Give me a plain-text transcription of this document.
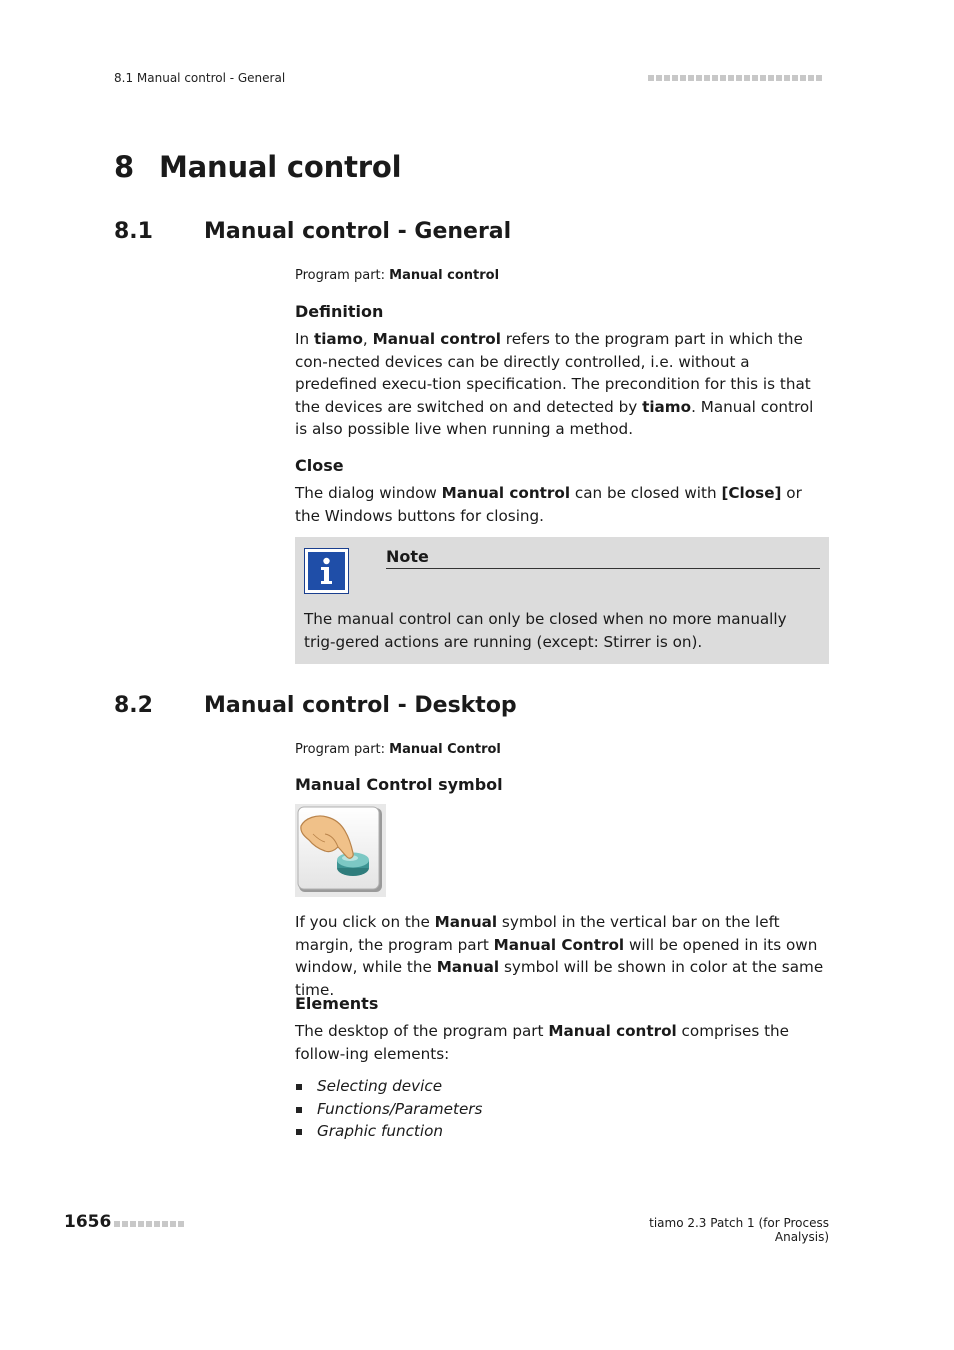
8.1 Manual control - General
8 Manual control
8.1 Manual control - General
Program part: Manual control
Definition
In tiamo, Manual control refers to the program part in which the con-nected devices can be directly controlled, i.e. without a predefined execu-tion specification. The precondition for this is that the devices are switched on and detected by tiamo. Manual control is also possible live when running a method.
Close
The dialog window Manual control can be closed with [Close] or the Windows buttons for closing.
Note
The manual control can only be closed when no more manually trig-gered actions are running (except: Stirrer is on).
8.2 Manual control - Desktop
Program part: Manual Control
Manual Control symbol
If you click on the Manual symbol in the vertical bar on the left margin, the program part Manual Control will be opened in its own window, while the Manual symbol will be shown in color at the same time.
Elements
The desktop of the program part Manual control comprises the follow-ing elements:
Selecting device
Functions/Parameters
Graphic function
1656	tiamo 2.3 Patch 1 (for Process Analysis)
